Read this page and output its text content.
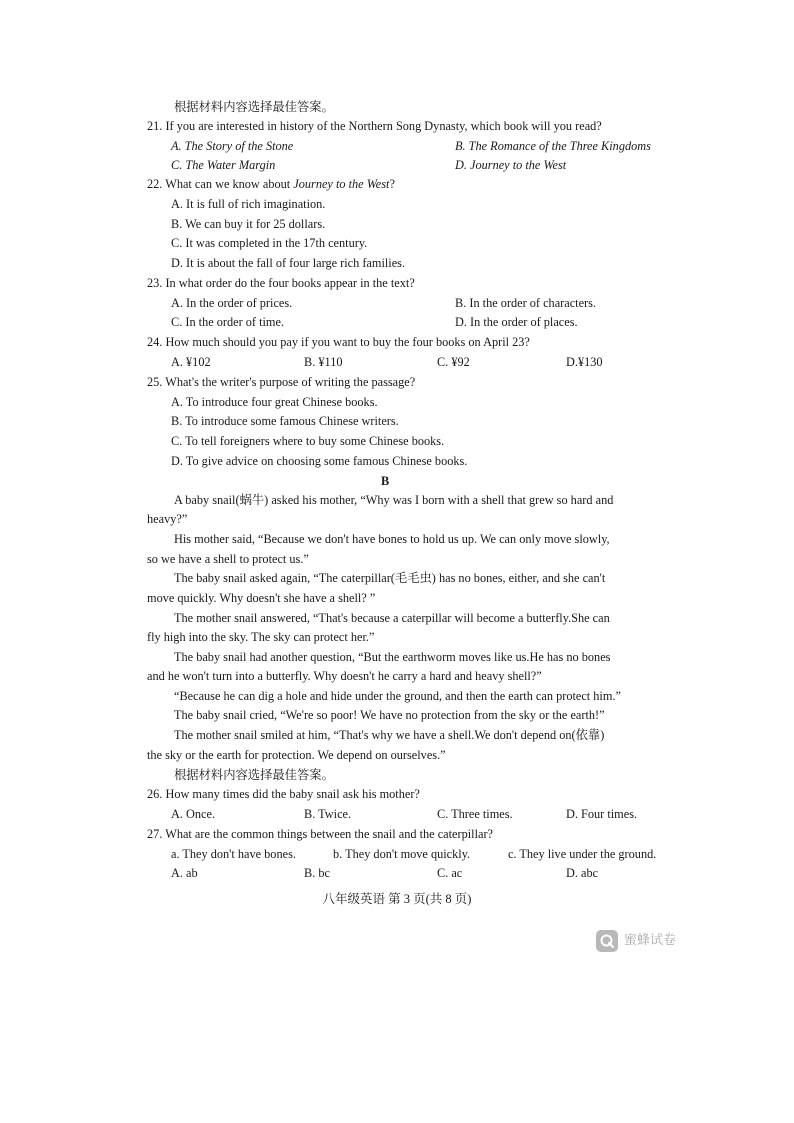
根据材料内容选择最佳答案。
21. If you are interested in history of the Northern Song Dynasty, which book will you read?
A. The Story of the Stone	B. The Romance of the Three Kingdoms
C. The Water Margin	D. Journey to the West
22. What can we know about Journey to the West?
A. It is full of rich imagination.
B. We can buy it for 25 dollars.
C. It was completed in the 17th century.
D. It is about the fall of four large rich families.
23. In what order do the four books appear in the text?
A. In the order of prices.	B. In the order of characters.
C. In the order of time.	D. In the order of places.
24. How much should you pay if you want to buy the four books on April 23?
A. ¥102	B. ¥110	C. ¥92	D.¥130
25. What's the writer's purpose of writing the passage?
A. To introduce four great Chinese books.
B. To introduce some famous Chinese writers.
C. To tell foreigners where to buy some Chinese books.
D. To give advice on choosing some famous Chinese books.
B
A baby snail(蜗牛) asked his mother, “Why was I born with a shell that grew so hard and
heavy?”
His mother said, “Because we don't have bones to hold us up. We can only move slowly,
so we have a shell to protect us.”
The baby snail asked again, “The caterpillar(毛毛虫) has no bones, either, and she can't
move quickly. Why doesn't she have a shell? ”
The mother snail answered, “That's because a caterpillar will become a butterfly.She can
fly high into the sky. The sky can protect her.”
The baby snail had another question, “But the earthworm moves like us.He has no bones
and he won't turn into a butterfly. Why doesn't he carry a hard and heavy shell?”
“Because he can dig a hole and hide under the ground, and then the earth can protect him.”
The baby snail cried, “We're so poor! We have no protection from the sky or the earth!”
The mother snail smiled at him, “That's why we have a shell.We don't depend on(依靠)
the sky or the earth for protection. We depend on ourselves.”
根据材料内容选择最佳答案。
26. How many times did the baby snail ask his mother?
A. Once.	B. Twice.	C. Three times.	D. Four times.
27. What are the common things between the snail and the caterpillar?
a. They don't have bones.	b. They don't move quickly.	c. They live under the ground.
A. ab	B. bc	C. ac	D. abc
八年级英语 第 3 页(共 8 页)
蜜蜂试卷
